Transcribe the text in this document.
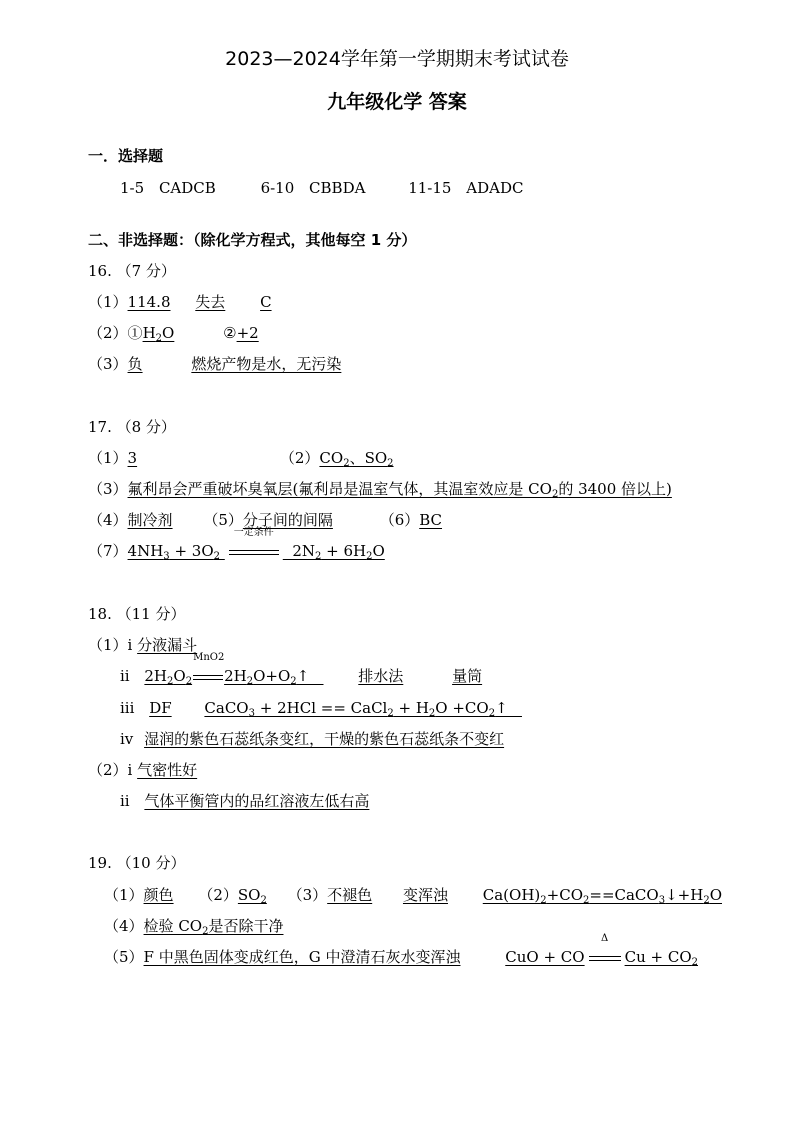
2023—2024学年第一学期期末考试试卷
九年级化学 答案
一．选择题
1-5 CADCB	6-10 CBBDA	11-15 ADADC
二、非选择题：（除化学方程式，其他每空 1 分）
16. （7 分）
（1）114.8 失去 C
$(2)①H_2O$	②+2
（3）负	燃烧产物是水，无污染
17. （8 分）
（1）3	$(2)CO_2$、$SO_2$
（3）氟利昂会严重破坏臭氧层(氟利昂是温室气体，其温室效应是 $CO_2$的 3400 倍以上)
（4）制冷剂 （5）分子间的间隔	（6）BC
$(7)4NH_3 + 3O_2$
一定条件
$2N_2 + 6H_2O$
18. （11 分）
（1）i 分液漏斗
ii $2H_2O_2$
MnO2
$2H_2O+O_2↑$    排水法	量筒
iii DF CaCO$_3$ + 2HCl == CaCl$_2$ + $H_2O$ $+CO_2↑$
iv 湿润的紫色石蕊纸条变红，干燥的紫色石蕊纸条不变红
（2）i 气密性好
ii 气体平衡管内的品红溶液左低右高
19. （10 分）
（1）颜色 $(2)SO_2$ （3）不褪色 变浑浊 $Ca(OH)_2+CO_2==CaCO_3↓+H_2O$
（4）检验 $CO_2$是否除干净
（5）F 中黑色固体变成红色，G 中澄清石灰水变浑浊	CuO + CO
Δ
$Cu + CO_2$
